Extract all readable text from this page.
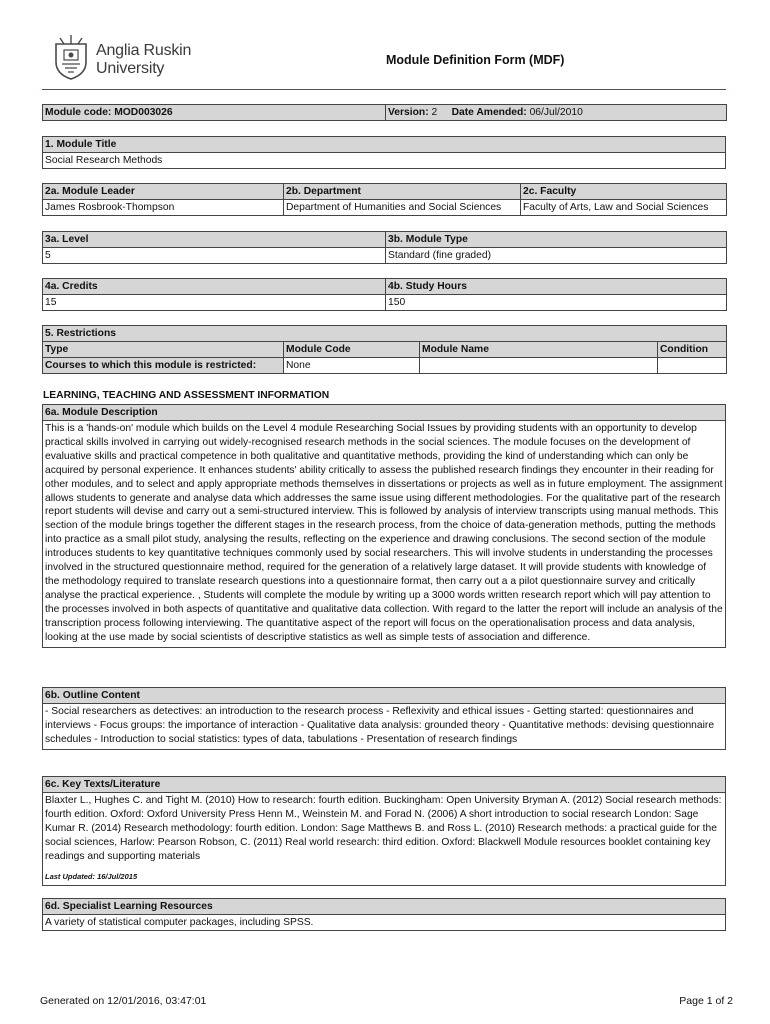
Anglia Ruskin
University	Module Definition Form (MDF)
Module code: MOD003026	Version: 2 Date Amended: 06/Jul/2010
1. Module Title
Social Research Methods
2a. Module Leader	2b. Department	2c. Faculty
James Rosbrook-Thompson	Department of Humanities and Social Sciences	Faculty of Arts, Law and Social Sciences
3a. Level	3b. Module Type
5	Standard (fine graded)
4a. Credits	4b. Study Hours
15	150
5. Restrictions			
Type	Module Code	Module Name	Condition
Courses to which this module is restricted:	None		
LEARNING, TEACHING AND ASSESSMENT INFORMATION
6a. Module Description
This is a 'hands-on' module which builds on the Level 4 module Researching Social Issues by providing students with an opportunity to develop practical skills involved in carrying out widely-recognised research methods in the social sciences. The module focuses on the development of evaluative skills and practical competence in both qualitative and quantitative methods, providing the kind of understanding which can only be acquired by personal experience. It enhances students' ability critically to assess the published research findings they encounter in their reading for other modules, and to select and apply appropriate methods themselves in dissertations or projects as well as in future employment. The assignment allows students to generate and analyse data which addresses the same issue using different methodologies. For the qualitative part of the research report students will devise and carry out a semi-structured interview. This is followed by analysis of interview transcripts using manual methods. This section of the module brings together the different stages in the research process, from the choice of data-generation methods, putting the methods into practice as a small pilot study, analysing the results, reflecting on the experience and drawing conclusions. The second section of the module introduces students to key quantitative techniques commonly used by social researchers. This will involve students in understanding the processes involved in the structured questionnaire method, required for the generation of a relatively large dataset. It will provide students with knowledge of the methodology required to translate research questions into a questionnaire format, then carry out a a pilot questionnaire survey and critically analyse the practical experience. , Students will complete the module by writing up a 3000 words written research report which will pay attention to the processes involved in both aspects of quantitative and qualitative data collection. With regard to the latter the report will include an analysis of the transcription process following interviewing. The quantitative aspect of the report will focus on the operationalisation process and data analysis, looking at the use made by social scientists of descriptive statistics as well as simple tests of association and difference.
6b. Outline Content
- Social researchers as detectives: an introduction to the research process - Reflexivity and ethical issues - Getting started: questionnaires and interviews - Focus groups: the importance of interaction - Qualitative data analysis: grounded theory - Quantitative methods: devising questionnaire schedules - Introduction to social statistics: types of data, tabulations - Presentation of research findings
6c. Key Texts/Literature
Blaxter L., Hughes C. and Tight M. (2010) How to research: fourth edition. Buckingham: Open University Bryman A. (2012) Social research methods: fourth edition. Oxford: Oxford University Press Henn M., Weinstein M. and Forad N. (2006) A short introduction to social research London: Sage Kumar R. (2014) Research methodology: fourth edition. London: Sage Matthews B. and Ross L. (2010) Research methods: a practical guide for the social sciences, Harlow: Pearson Robson, C. (2011) Real world research: third edition. Oxford: Blackwell Module resources booklet containing key readings and supporting materials
Last Updated: 16/Jul/2015
6d. Specialist Learning Resources
A variety of statistical computer packages, including SPSS.
Generated on 12/01/2016, 03:47:01	Page 1 of 2
